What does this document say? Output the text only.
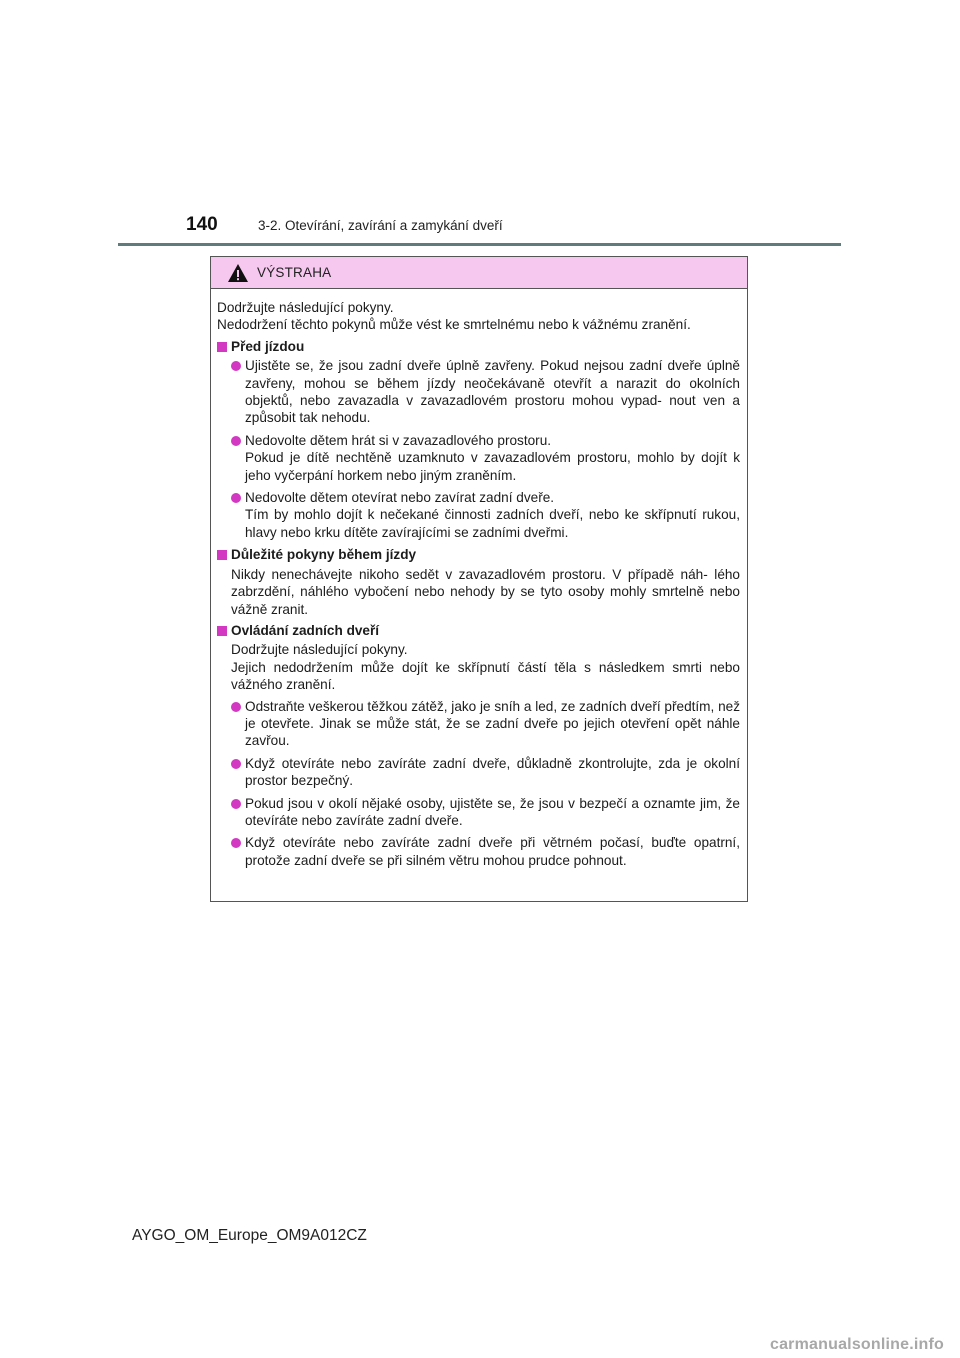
140	3-2. Otevírání, zavírání a zamykání dveří
VÝSTRAHA
Dodržujte následující pokyny.
Nedodržení těchto pokynů může vést ke smrtelnému nebo k vážnému zranění.
Před jízdou
Ujistěte se, že jsou zadní dveře úplně zavřeny. Pokud nejsou zadní dveře úplně zavřeny, mohou se během jízdy neočekávaně otevřít a narazit do okolních objektů, nebo zavazadla v zavazadlovém prostoru mohou vypad- nout ven a způsobit tak nehodu.
Nedovolte dětem hrát si v zavazadlového prostoru.
Pokud je dítě nechtěně uzamknuto v zavazadlovém prostoru, mohlo by dojít k jeho vyčerpání horkem nebo jiným zraněním.
Nedovolte dětem otevírat nebo zavírat zadní dveře.
Tím by mohlo dojít k nečekané činnosti zadních dveří, nebo ke skřípnutí rukou, hlavy nebo krku dítěte zavírajícími se zadními dveřmi.
Důležité pokyny během jízdy
Nikdy nenechávejte nikoho sedět v zavazadlovém prostoru. V případě náh- lého zabrzdění, náhlého vybočení nebo nehody by se tyto osoby mohly smrtelně nebo vážně zranit.
Ovládání zadních dveří
Dodržujte následující pokyny.
Jejich nedodržením může dojít ke skřípnutí částí těla s následkem smrti nebo vážného zranění.
Odstraňte veškerou těžkou zátěž, jako je sníh a led, ze zadních dveří předtím, než je otevřete. Jinak se může stát, že se zadní dveře po jejich otevření opět náhle zavřou.
Když otevíráte nebo zavíráte zadní dveře, důkladně zkontrolujte, zda je okolní prostor bezpečný.
Pokud jsou v okolí nějaké osoby, ujistěte se, že jsou v bezpečí a oznamte jim, že otevíráte nebo zavíráte zadní dveře.
Když otevíráte nebo zavíráte zadní dveře při větrném počasí, buďte opatrní, protože zadní dveře se při silném větru mohou prudce pohnout.
AYGO_OM_Europe_OM9A012CZ
carmanualsonline.info
